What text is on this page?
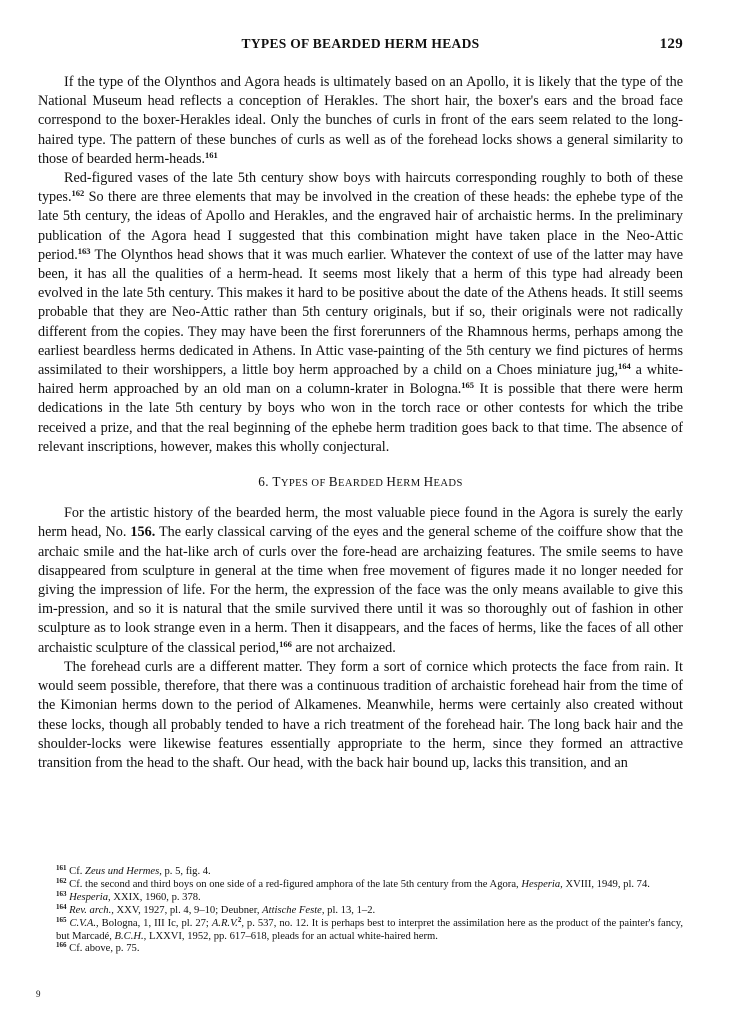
TYPES OF BEARDED HERM HEADS	129

If the type of the Olynthos and Agora heads is ultimately based on an Apollo, it is likely that the type of the National Museum head reflects a conception of Herakles. The short hair, the boxer's ears and the broad face correspond to the boxer-Herakles ideal. Only the bunches of curls in front of the ears seem related to the long-haired type. The pattern of these bunches of curls as well as of the forehead locks shows a general similarity to those of bearded herm-heads.$^{161}$

Red-figured vases of the late 5th century show boys with haircuts corresponding roughly to both of these types.$^{162}$ So there are three elements that may be involved in the creation of these heads: the ephebe type of the late 5th century, the ideas of Apollo and Herakles, and the engraved hair of archaistic herms. In the preliminary publication of the Agora head I suggested that this combination might have taken place in the Neo-Attic period.$^{163}$ The Olynthos head shows that it was much earlier. Whatever the context of use of the latter may have been, it has all the qualities of a herm-head. It seems most likely that a herm of this type had already been evolved in the late 5th century. This makes it hard to be positive about the date of the Athens heads. It still seems probable that they are Neo-Attic rather than 5th century originals, but if so, their originals were not radically different from the copies. They may have been the first forerunners of the Rhamnous herms, perhaps among the earliest beardless herms dedicated in Athens. In Attic vase-painting of the 5th century we find pictures of herms assimilated to their worshippers, a little boy herm approached by a child on a Choes miniature jug,$^{164}$ a white-haired herm approached by an old man on a column-krater in Bologna.$^{165}$ It is possible that there were herm dedications in the late 5th century by boys who won in the torch race or other contests for which the tribe received a prize, and that the real beginning of the ephebe herm tradition goes back to that time. The absence of relevant inscriptions, however, makes this wholly conjectural.

6. TYPES OF BEARDED HERM HEADS

For the artistic history of the bearded herm, the most valuable piece found in the Agora is surely the early herm head, No. 156. The early classical carving of the eyes and the general scheme of the coiffure show that the archaic smile and the hat-like arch of curls over the fore-head are archaizing features. The smile seems to have disappeared from sculpture in general at the time when free movement of figures made it no longer needed for giving the impression of life. For the herm, the expression of the face was the only means available to give this im-pression, and so it is natural that the smile survived there until it was so thoroughly out of fashion in other sculpture as to look strange even in a herm. Then it disappears, and the faces of herms, like the faces of all other archaistic sculpture of the classical period,$^{166}$ are not archaized.

The forehead curls are a different matter. They form a sort of cornice which protects the face from rain. It would seem possible, therefore, that there was a continuous tradition of archaistic forehead hair from the time of the Kimonian herms down to the period of Alkamenes. Meanwhile, herms were certainly also created without these locks, though all probably tended to have a rich treatment of the forehead hair. The long back hair and the shoulder-locks were likewise features essentially appropriate to the herm, since they formed an attractive transition from the head to the shaft. Our head, with the back hair bound up, lacks this transition, and an

$^{161}$ Cf. Zeus und Hermes, p. 5, fig. 4.

$^{162}$ Cf. the second and third boys on one side of a red-figured amphora of the late 5th century from the Agora, Hesperia, XVIII, 1949, pl. 74.

$^{163}$ Hesperia, XXIX, 1960, p. 378.

$^{164}$ Rev. arch., XXV, 1927, pl. 4, 9–10; Deubner, Attische Feste, pl. 13, 1–2.

$^{165}$ C.V.A., Bologna, 1, III Ic, pl. 27; A.R.V.$^2$, p. 537, no. 12. It is perhaps best to interpret the assimilation here as the product of the painter's fancy, but Marcadé, B.C.H., LXXVI, 1952, pp. 617–618, pleads for an actual white-haired herm.

$^{166}$ Cf. above, p. 75.

9
